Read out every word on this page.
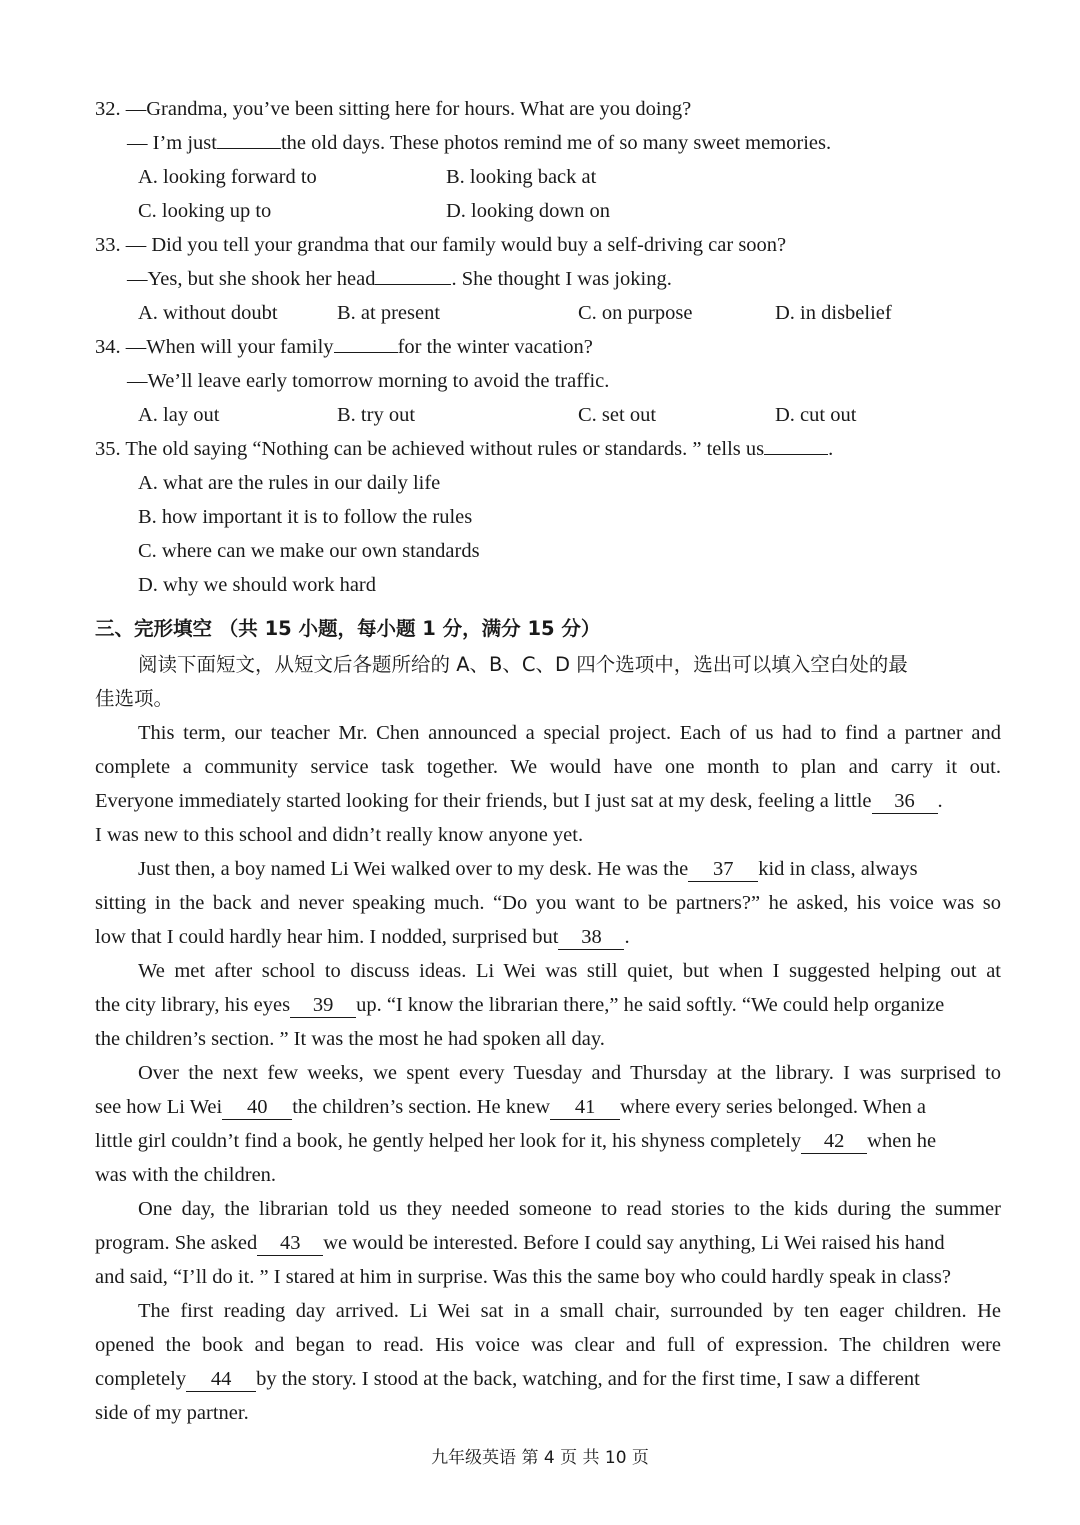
32. —Grandma, you’ve been sitting here for hours. What are you doing?
— I’m just	the old days. These photos remind me of so many sweet memories.
A. looking forward to	B. looking back at
C. looking up to	D. looking down on
33. — Did you tell your grandma that our family would buy a self-driving car soon?
—Yes, but she shook her head	. She thought I was joking.
A. without doubt	B. at present	C. on purpose	D. in disbelief
34. —When will your family	for the winter vacation?
—We’ll leave early tomorrow morning to avoid the traffic.
A. lay out	B. try out	C. set out	D. cut out
35. The old saying “Nothing can be achieved without rules or standards. ” tells us	.
A. what are the rules in our daily life
B. how important it is to follow the rules
C. where can we make our own standards
D. why we should work hard
三、完形填空 （共 15 小题，每小题 1 分，满分 15 分）
阅读下面短文，从短文后各题所给的 A、B、C、D 四个选项中，选出可以填入空白处的最
佳选项。
This term, our teacher Mr. Chen announced a special project. Each of us had to find a partner and
complete a community service task together. We would have one month to plan and carry it out.
Everyone immediately started looking for their friends, but I just sat at my desk, feeling a little 36 .
I was new to this school and didn’t really know anyone yet.
Just then, a boy named Li Wei walked over to my desk. He was the 37 kid in class, always
sitting in the back and never speaking much. “Do you want to be partners?” he asked, his voice was so
low that I could hardly hear him. I nodded, surprised but 38 .
We met after school to discuss ideas. Li Wei was still quiet, but when I suggested helping out at
the city library, his eyes 39 up. “I know the librarian there,” he said softly. “We could help organize
the children’s section. ” It was the most he had spoken all day.
Over the next few weeks, we spent every Tuesday and Thursday at the library. I was surprised to
see how Li Wei 40 the children’s section. He knew 41 where every series belonged. When a
little girl couldn’t find a book, he gently helped her look for it, his shyness completely 42 when he
was with the children.
One day, the librarian told us they needed someone to read stories to the kids during the summer
program. She asked 43 we would be interested. Before I could say anything, Li Wei raised his hand
and said, “I’ll do it. ” I stared at him in surprise. Was this the same boy who could hardly speak in class?
The first reading day arrived. Li Wei sat in a small chair, surrounded by ten eager children. He
opened the book and began to read. His voice was clear and full of expression. The children were
completely 44 by the story. I stood at the back, watching, and for the first time, I saw a different
side of my partner.
九年级英语 第 4 页 共 10 页
